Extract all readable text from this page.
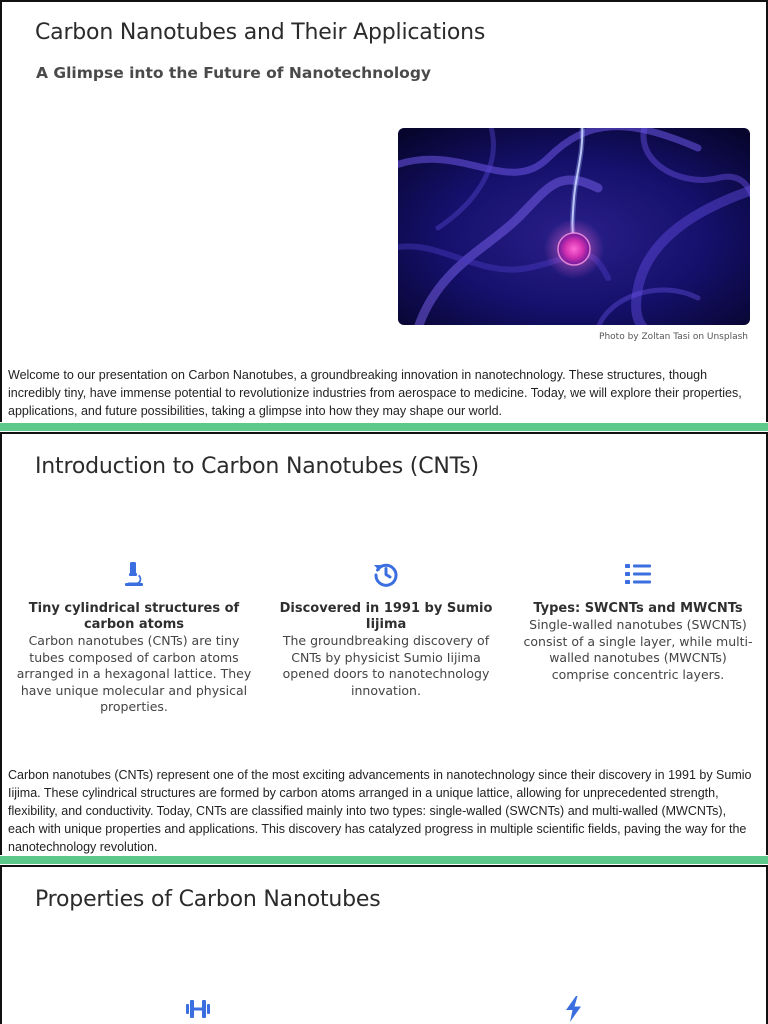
Carbon Nanotubes and Their Applications
A Glimpse into the Future of Nanotechnology
Photo by Zoltan Tasi on Unsplash

Welcome to our presentation on Carbon Nanotubes, a groundbreaking innovation in nanotechnology. These structures, though incredibly tiny, have immense potential to revolutionize industries from aerospace to medicine. Today, we will explore their properties, applications, and future possibilities, taking a glimpse into how they may shape our world.

Introduction to Carbon Nanotubes (CNTs)
Tiny cylindrical structures of carbon atoms
Carbon nanotubes (CNTs) are tiny tubes composed of carbon atoms arranged in a hexagonal lattice. They have unique molecular and physical properties.
Discovered in 1991 by Sumio Iijima
The groundbreaking discovery of CNTs by physicist Sumio Iijima opened doors to nanotechnology innovation.
Types: SWCNTs and MWCNTs
Single-walled nanotubes (SWCNTs) consist of a single layer, while multi-walled nanotubes (MWCNTs) comprise concentric layers.

Carbon nanotubes (CNTs) represent one of the most exciting advancements in nanotechnology since their discovery in 1991 by Sumio Iijima. These cylindrical structures are formed by carbon atoms arranged in a unique lattice, allowing for unprecedented strength, flexibility, and conductivity. Today, CNTs are classified mainly into two types: single-walled (SWCNTs) and multi-walled (MWCNTs), each with unique properties and applications. This discovery has catalyzed progress in multiple scientific fields, paving the way for the nanotechnology revolution.

Properties of Carbon Nanotubes
